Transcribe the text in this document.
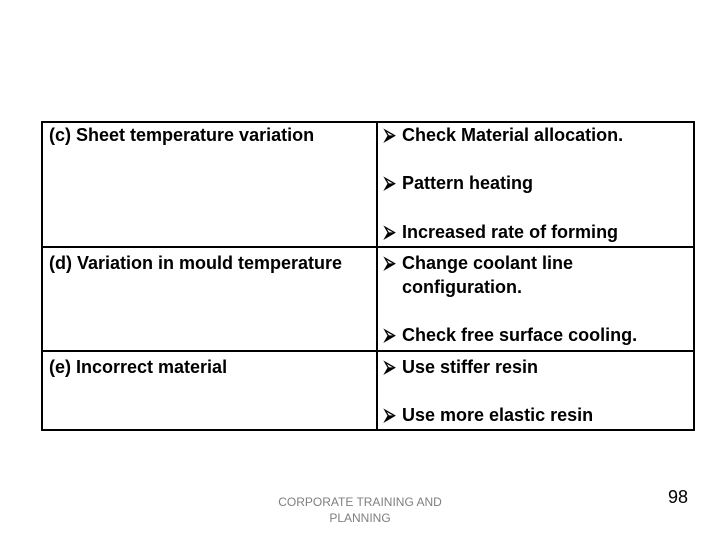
(c) Sheet temperature variation	⮚ Check Material allocation.
⮚ Pattern heating
⮚ Increased rate of forming
(d) Variation in mould temperature	⮚ Change coolant line configuration.
⮚ Check free surface cooling.
(e) Incorrect material	⮚ Use stiffer resin
⮚ Use more elastic resin
CORPORATE TRAINING AND PLANNING
98
